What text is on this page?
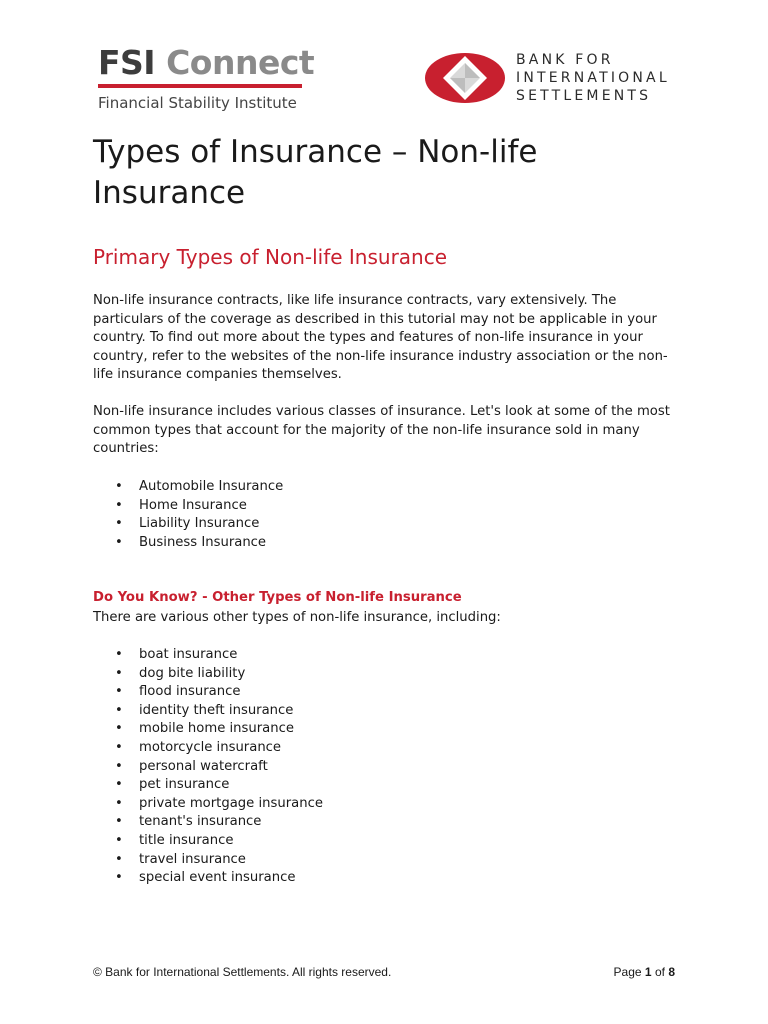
FSI Connect
Financial Stability Institute
BANK FOR
INTERNATIONAL
SETTLEMENTS
Types of Insurance – Non-life Insurance
Primary Types of Non-life Insurance

Non-life insurance contracts, like life insurance contracts, vary extensively. The particulars of the coverage as described in this tutorial may not be applicable in your country. To find out more about the types and features of non-life insurance in your country, refer to the websites of the non-life insurance industry association or the non-life insurance companies themselves.

Non-life insurance includes various classes of insurance. Let's look at some of the most common types that account for the majority of the non-life insurance sold in many countries:

• Automobile Insurance
• Home Insurance
• Liability Insurance
• Business Insurance
Do You Know? - Other Types of Non-life Insurance

There are various other types of non-life insurance, including:

• boat insurance
• dog bite liability
• flood insurance
• identity theft insurance
• mobile home insurance
• motorcycle insurance
• personal watercraft
• pet insurance
• private mortgage insurance
• tenant's insurance
• title insurance
• travel insurance
• special event insurance
© Bank for International Settlements. All rights reserved.	Page 1 of 8
